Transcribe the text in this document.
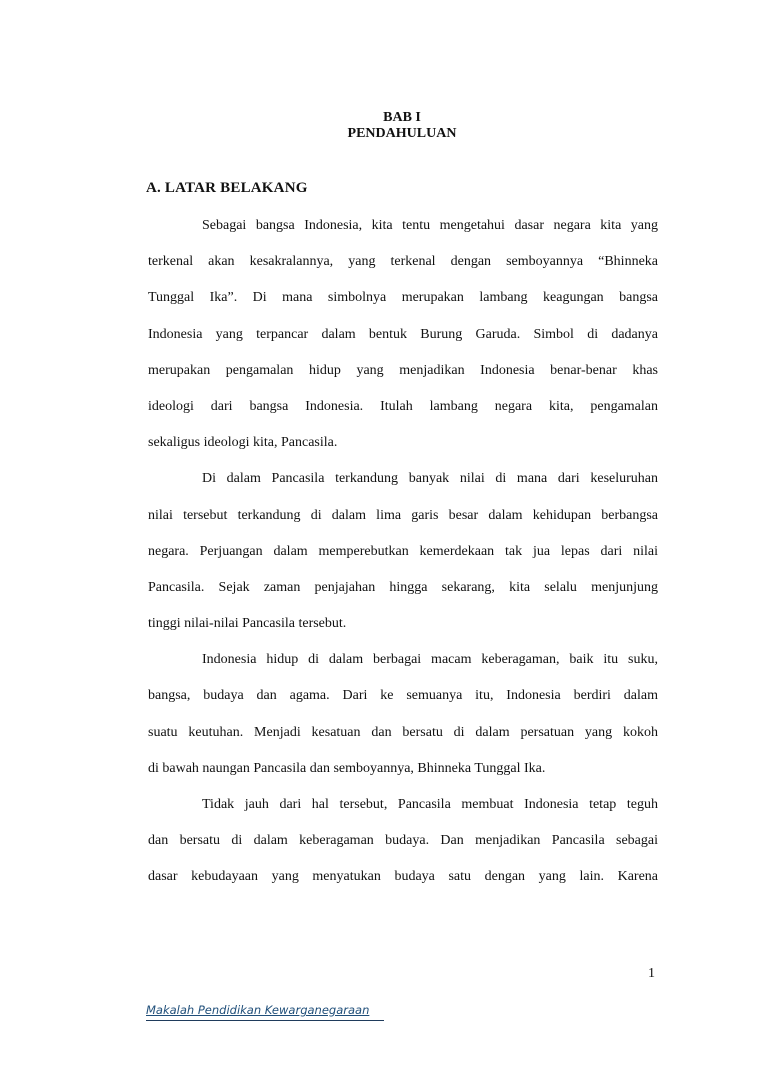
BAB I
PENDAHULUAN
A. LATAR BELAKANG
Sebagai bangsa Indonesia, kita tentu mengetahui dasar negara kita yang
terkenal akan kesakralannya, yang terkenal dengan semboyannya “Bhinneka
Tunggal Ika”. Di mana simbolnya merupakan lambang keagungan bangsa
Indonesia yang terpancar dalam bentuk Burung Garuda. Simbol di dadanya
merupakan pengamalan hidup yang menjadikan Indonesia benar-benar khas
ideologi dari bangsa Indonesia. Itulah lambang negara kita, pengamalan
sekaligus ideologi kita, Pancasila.
Di dalam Pancasila terkandung banyak nilai di mana dari keseluruhan
nilai tersebut terkandung di dalam lima garis besar dalam kehidupan berbangsa
negara. Perjuangan dalam memperebutkan kemerdekaan tak jua lepas dari nilai
Pancasila. Sejak zaman penjajahan hingga sekarang, kita selalu menjunjung
tinggi nilai-nilai Pancasila tersebut.
Indonesia hidup di dalam berbagai macam keberagaman, baik itu suku,
bangsa, budaya dan agama. Dari ke semuanya itu, Indonesia berdiri dalam
suatu keutuhan. Menjadi kesatuan dan bersatu di dalam persatuan yang kokoh
di bawah naungan Pancasila dan semboyannya, Bhinneka Tunggal Ika.
Tidak jauh dari hal tersebut, Pancasila membuat Indonesia tetap teguh
dan bersatu di dalam keberagaman budaya. Dan menjadikan Pancasila sebagai
dasar kebudayaan yang menyatukan budaya satu dengan yang lain. Karena
1
Makalah Pendidikan Kewarganegaraan
